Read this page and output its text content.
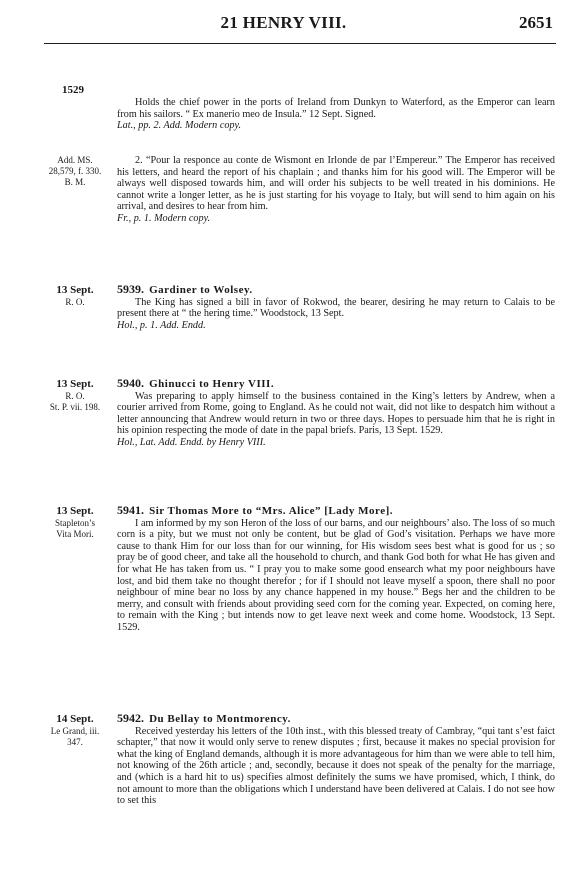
21 HENRY VIII.	2651
1529

Holds the chief power in the ports of Ireland from Dunkyn to Waterford, as the Emperor can learn from his sailors. “ Ex manerio meo de Insula.” 12 Sept. Signed.

Lat., pp. 2. Add. Modern copy.

Add. MS.
28,579, f. 330.
B. M.

2. “Pour la responce au conte de Wismont en Irlonde de par l’Empereur.” The Emperor has received his letters, and heard the report of his chaplain ; and thanks him for his good will. The Emperor will be always well disposed towards him, and will order his subjects to be well treated in his dominions. He cannot write a longer letter, as he is just starting for his voyage to Italy, but will send to him again on his arrival, and desires to hear from him.

Fr., p. 1. Modern copy.

13 Sept.
R. O.

5939. Gardiner to Wolsey.

The King has signed a bill in favor of Rokwod, the bearer, desiring he may return to Calais to be present there at “ the hering time.” Woodstock, 13 Sept.

Hol., p. 1. Add. Endd.

13 Sept.
R. O.
St. P. vii. 198.

5940. Ghinucci to Henry VIII.

Was preparing to apply himself to the business contained in the King’s letters by Andrew, when a courier arrived from Rome, going to England. As he could not wait, did not like to despatch him without a letter announcing that Andrew would return in two or three days. Hopes to persuade him that he is right in his opinion respecting the mode of date in the papal briefs. Paris, 13 Sept. 1529.

Hol., Lat. Add. Endd. by Henry VIII.

13 Sept.
Stapleton’s
Vita Mori.

5941. Sir Thomas More to “Mrs. Alice” [Lady More].

I am informed by my son Heron of the loss of our barns, and our neighbours’ also. The loss of so much corn is a pity, but we must not only be content, but be glad of God’s visitation. Perhaps we have more cause to thank Him for our loss than for our winning, for His wisdom sees best what is good for us ; so pray be of good cheer, and take all the household to church, and thank God both for what He has given and for what He has taken from us. “ I pray you to make some good ensearch what my poor neighbours have lost, and bid them take no thought therefor ; for if I should not leave myself a spoon, there shall no poor neighbour of mine bear no loss by any chance happened in my house.” Begs her and the children to be merry, and consult with friends about providing seed corn for the coming year. Expected, on coming here, to remain with the King ; but intends now to get leave next week and come home. Woodstock, 13 Sept. 1529.

14 Sept.
Le Grand, iii.
347.

5942. Du Bellay to Montmorency.

Received yesterday his letters of the 10th inst., with this blessed treaty of Cambray, “qui tant s’est faict schapter,” that now it would only serve to renew disputes ; first, because it makes no special provision for what the king of England demands, although it is more advantageous for him than we were able to tell him, not knowing of the 26th article ; and, secondly, because it does not speak of the penalty for the marriage, and (which is a hard hit to us) specifies almost definitely the sums we have promised, which, I think, do not amount to more than the obligations which I understand have been delivered at Calais. I do not see how to set this
